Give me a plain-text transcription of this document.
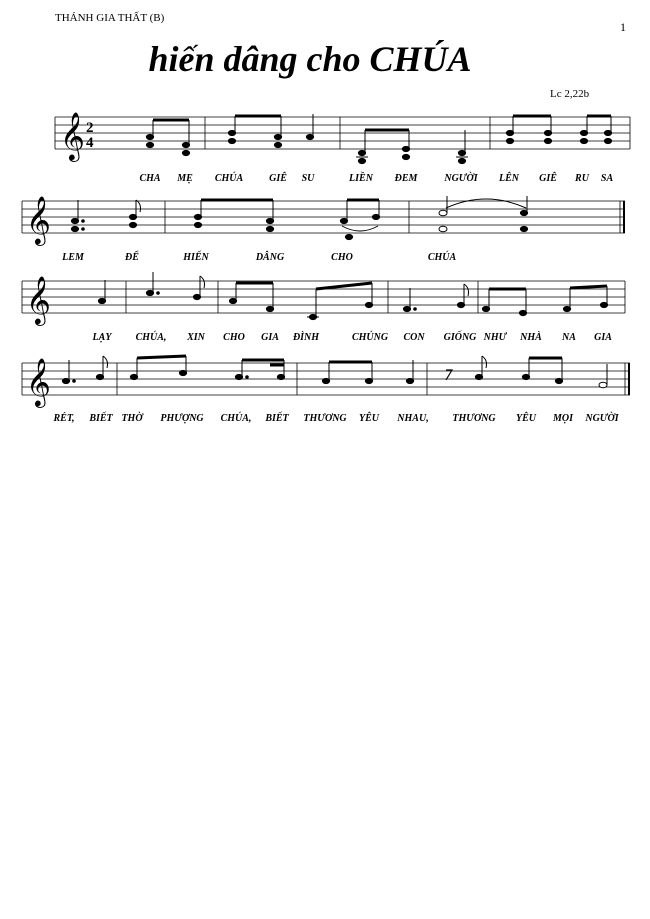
THÁNH GIA THẤT (B)
1
hiến dâng cho CHÚA
Lc 2,22b
𝄞 2
4
𝄞
𝄞
𝄞
CHA MẸ CHÚA	GIÊ SU	LIỀN ĐEM	NGƯỜI LÊN GIÊ RU SA
LEM	ĐỂ	HIẾN	DÂNG	CHO	CHÚA
LẠY CHÚA, XIN CHO GIA ĐÌNH	CHÚNG CON GIỐNG NHƯ NHÀ NA GIA
RÉT, BIẾT THỜ PHƯỢNG CHÚA, BIẾT THƯƠNG YÊU NHAU, THƯƠNG YÊU MỌI NGƯỜI
